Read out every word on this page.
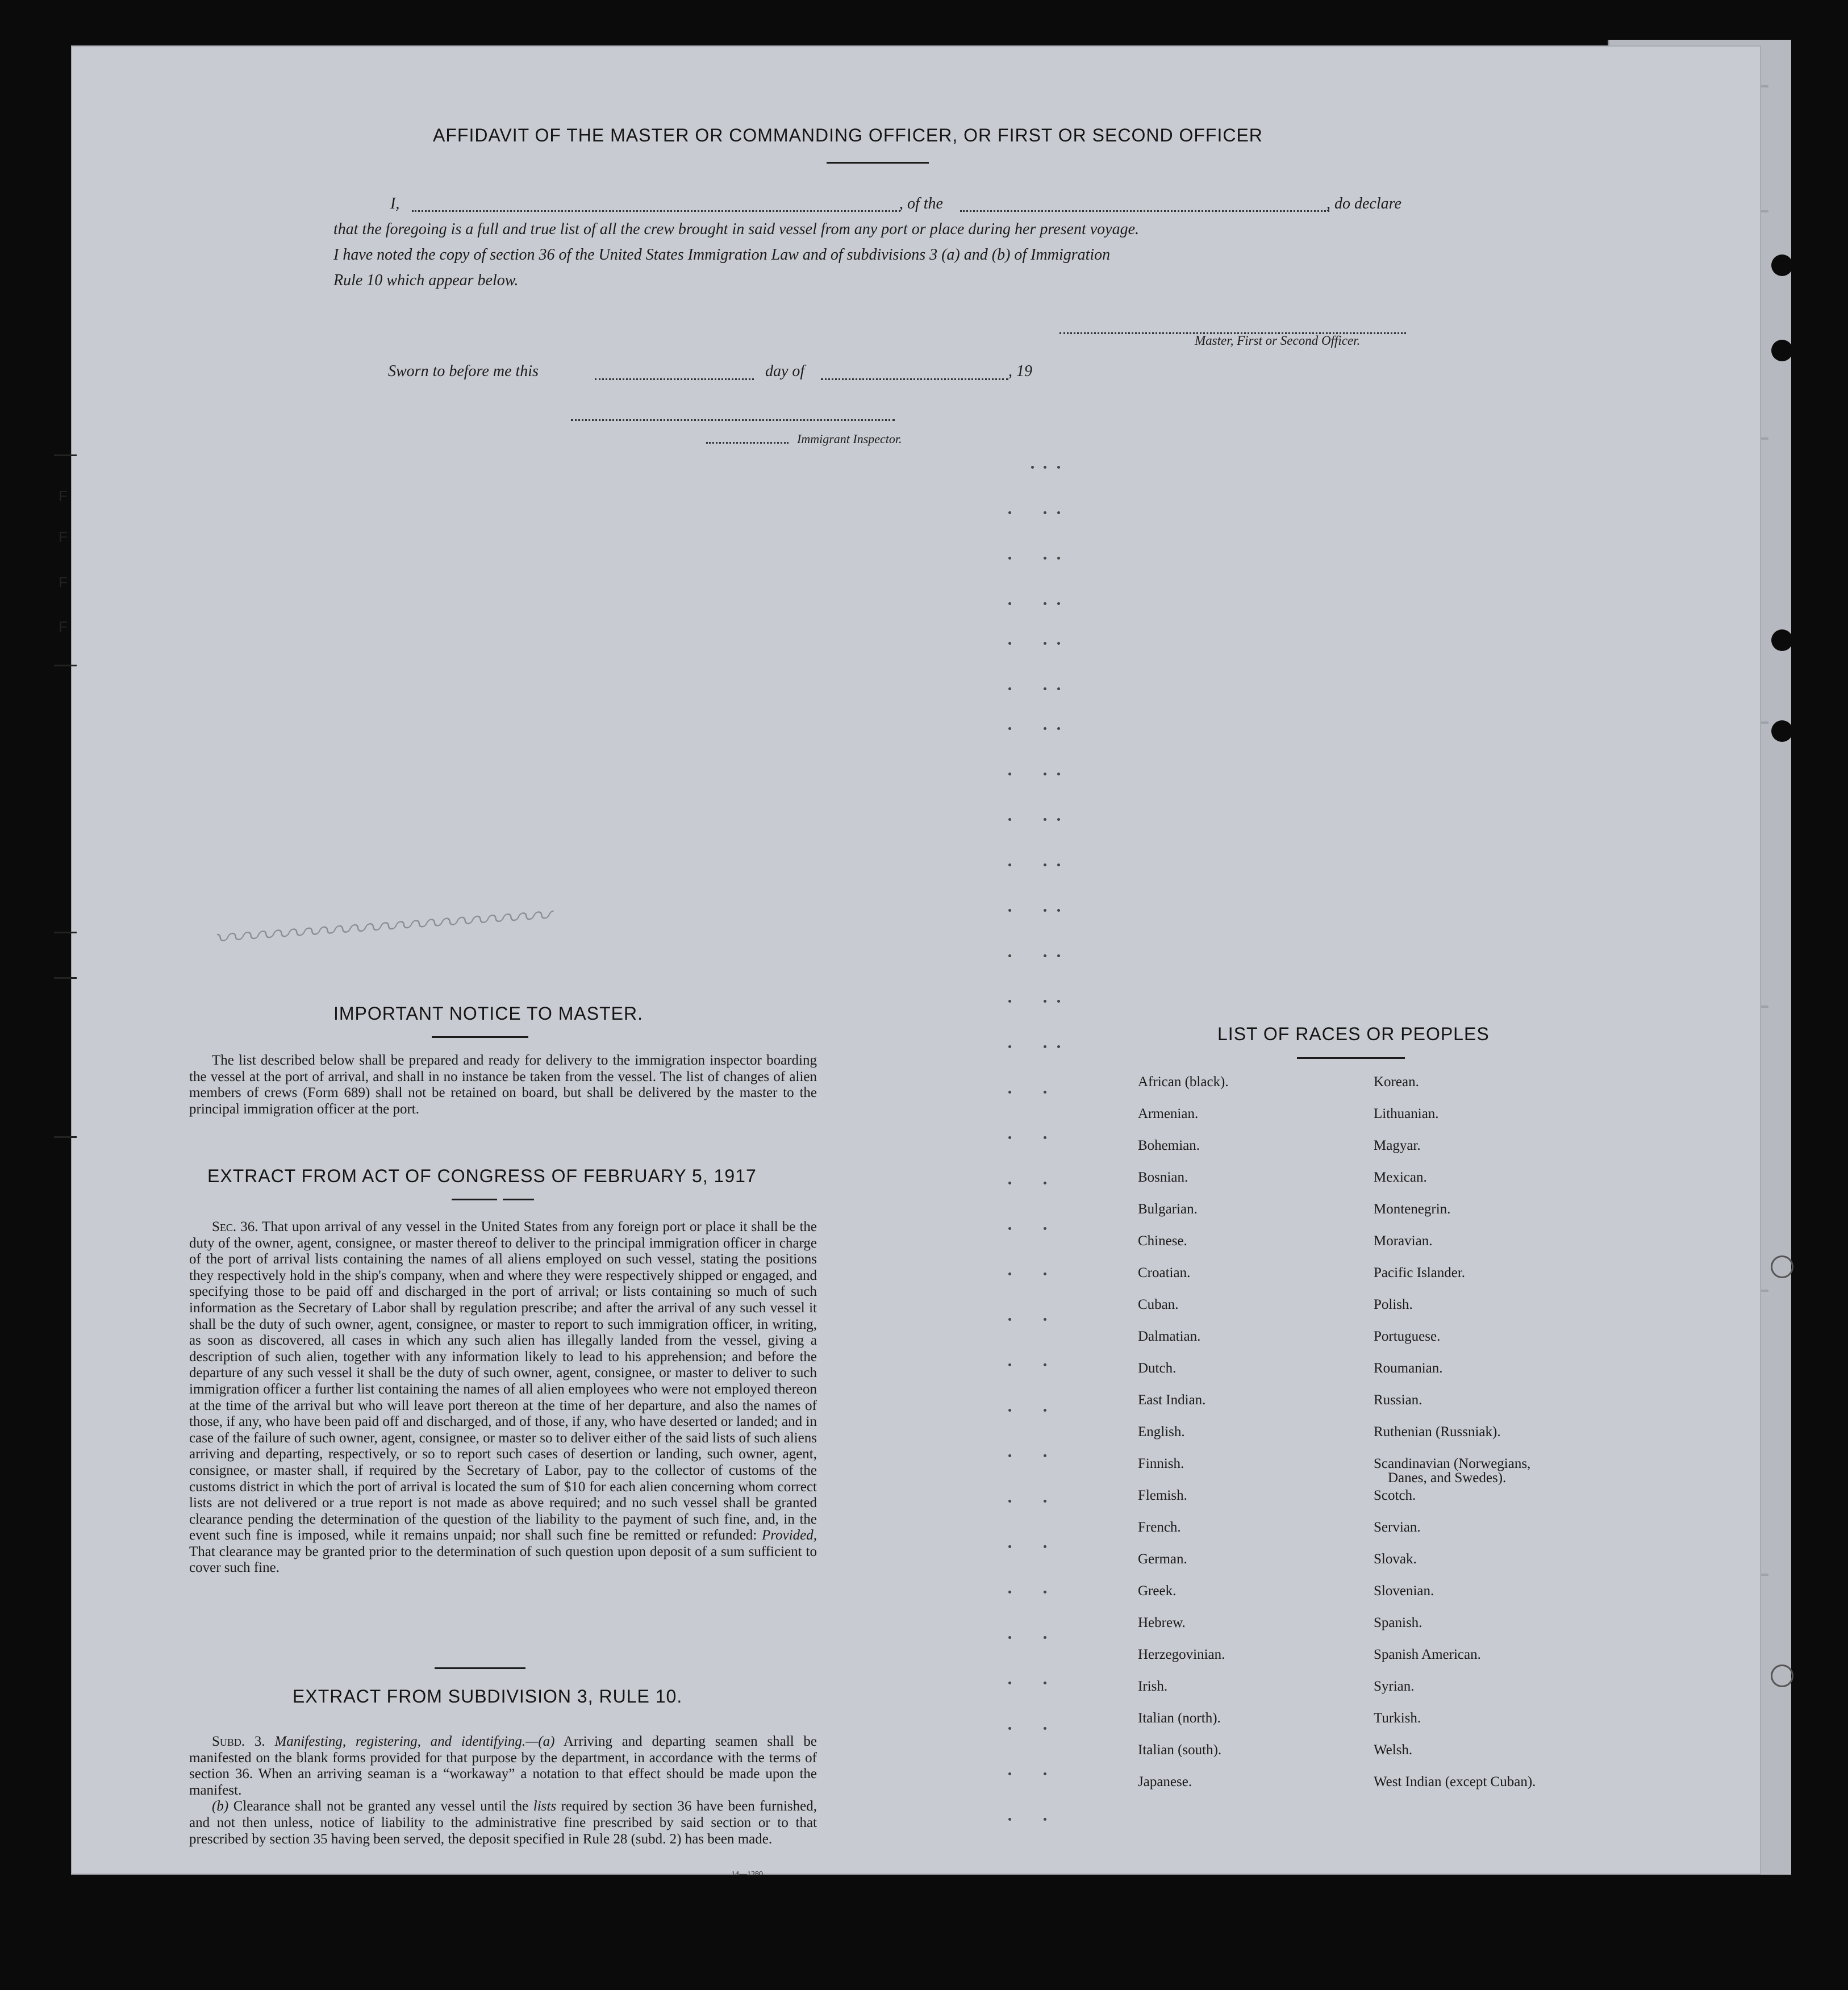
F
F
F
F
AFFIDAVIT OF THE MASTER OR COMMANDING OFFICER, OR FIRST OR SECOND OFFICER
I,	, of the	, do declare
that the foregoing is a full and true list of all the crew brought in said vessel from any port or place during her present voyage.
I have noted the copy of section 36 of the United States Immigration Law and of subdivisions 3 (a) and (b) of Immigration
Rule 10 which appear below.
Master, First or Second Officer.
Sworn to before me this	day of	, 19
Immigrant Inspector.
〰〰〰〰〰〰〰〰〰〰〰
IMPORTANT NOTICE TO MASTER.

The list described below shall be prepared and ready for delivery to the immigration inspector boarding the vessel at the port of arrival, and shall in no instance be taken from the vessel. The list of changes of alien members of crews (Form 689) shall not be retained on board, but shall be delivered by the master to the principal immigration officer at the port.

EXTRACT FROM ACT OF CONGRESS OF FEBRUARY 5, 1917

Sec. 36. That upon arrival of any vessel in the United States from any foreign port or place it shall be the duty of the owner, agent, consignee, or master thereof to deliver to the principal immigration officer in charge of the port of arrival lists containing the names of all aliens employed on such vessel, stating the positions they respectively hold in the ship's company, when and where they were respectively shipped or engaged, and specifying those to be paid off and discharged in the port of arrival; or lists containing so much of such information as the Secretary of Labor shall by regulation prescribe; and after the arrival of any such vessel it shall be the duty of such owner, agent, consignee, or master to report to such immigration officer, in writing, as soon as discovered, all cases in which any such alien has illegally landed from the vessel, giving a description of such alien, together with any information likely to lead to his apprehension; and before the departure of any such vessel it shall be the duty of such owner, agent, consignee, or master to deliver to such immigration officer a further list containing the names of all alien employees who were not employed thereon at the time of the arrival but who will leave port thereon at the time of her departure, and also the names of those, if any, who have been paid off and discharged, and of those, if any, who have deserted or landed; and in case of the failure of such owner, agent, consignee, or master so to deliver either of the said lists of such aliens arriving and departing, respectively, or so to report such cases of desertion or landing, such owner, agent, consignee, or master shall, if required by the Secretary of Labor, pay to the collector of customs of the customs district in which the port of arrival is located the sum of $10 for each alien concerning whom correct lists are not delivered or a true report is not made as above required; and no such vessel shall be granted clearance pending the determination of the question of the liability to the payment of such fine, and, in the event such fine is imposed, while it remains unpaid; nor shall such fine be remitted or refunded: Provided, That clearance may be granted prior to the determination of such question upon deposit of a sum sufficient to cover such fine.

EXTRACT FROM SUBDIVISION 3, RULE 10.

Subd. 3. Manifesting, registering, and identifying.—(a) Arriving and departing seamen shall be manifested on the blank forms provided for that purpose by the department, in accordance with the terms of section 36. When an arriving seaman is a “workaway” a notation to that effect should be made upon the manifest.

(b) Clearance shall not be granted any vessel until the lists required by section 36 have been furnished, and not then unless, notice of liability to the administrative fine prescribed by said section or to that prescribed by section 35 having been served, the deposit specified in Rule 28 (subd. 2) has been made.

14—1280
LIST OF RACES OR PEOPLES
African (black).
Armenian.
Bohemian.
Bosnian.
Bulgarian.
Chinese.
Croatian.
Cuban.
Dalmatian.
Dutch.
East Indian.
English.
Finnish.
Flemish.
French.
German.
Greek.
Hebrew.
Herzegovinian.
Irish.
Italian (north).
Italian (south).
Japanese.
Korean.
Lithuanian.
Magyar.
Mexican.
Montenegrin.
Moravian.
Pacific Islander.
Polish.
Portuguese.
Roumanian.
Russian.
Ruthenian (Russniak).
Scandinavian (Norwegians,
Danes, and Swedes).
Scotch.
Servian.
Slovak.
Slovenian.
Spanish.
Spanish American.
Syrian.
Turkish.
Welsh.
West Indian (except Cuban).
